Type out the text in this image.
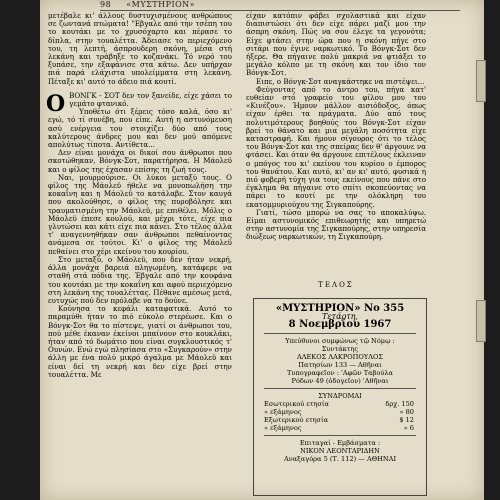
98 «ΜΥΣΤΗΡΙΟΝ»

μετέβαλε κι' άλλους δυστυχισμένους ανθρώπους σε ζωντανά πτώματα! "Εβγαλε από την τσέπη του το κουτάκι με το χρυσόχαρτο και πέρασε το δίπλα, στην τουαλέττα. Άδειασε το περιεχόμενο του, τη λεπτή, άσπρουδερη σκόνη, μέσα στή λεκάνη και τράβηξε το κοζανάκι. Τό νερό του ξυπάσε, την εξαφάνισε στα κάτω. Δεν υπήρχαν πιά παρά ελάχιστα υπολείμματα στη λεκάνη. Πέταξε κι' αυτό το άδειο πιά κουτί.

Ο ΒΟΝΓΚ - ΣΟΤ δεν τον ξανείδε, είχε χάσει το γεμάτο φτανικό.

Υποθέτω ότι ξέρεις τόσο καλά, όσο κι' εγώ, τό τί συνέβη, που είπε. Αυτή η αστυνόμευση ασύ ενέργεια του στοιχίζει δύο από τους καλύτερους άνδρες μου και δεν μού απόμενε απολύτως τίποτα. Αντίθετα...

Δεν είναι μονάχα οι δικοί σου άνθρωποι που σκοτώθηκαν, Βόνγκ-Σοτ, παρατήρησα. Η Μάολεϋ και ο φίλος της έχασαν επίσης τη ζωή τους.

Ναι, μουρμούρισε. Οι λύκοι μεταξύ τους. Ο φίλος της Μάολεϋ ήθελε να μονοπωλήση την κοκαΐνη και η Μάολεϋ το κατάλαβε. Στον καυγά που ακολούθησε, ο φίλος της πυροβόλησε και τραυματισμένη την Μάολεϋ, με επιθέλει. Μόλις ο Μάολεϋ έπεσε κουλού, και μέχρι τότε, είχε πια γλυτώσει και κάτι είχε πια κάνει. Στο τέλος άλλα τ' αναγεννηθήκαν σαν άνθρωποι πεθαίνοντας ανάμεσα σε τούτοι. Κι' ο φίλος της Μάολεϋ πεθαίνει στο χέρι εκείνου του κουρίου.

Στο μεταξύ, ο Μάολεϋ, που δεν ήταν νεκρή, άλλα μονάχα βαρειά πληγωμένη, κατάφερε να σταθή στά πόδια της. Έβγαλε από την κουφάνα του κουτάκι με την κοκαΐνη και αφού περιεχόμενο στη λεκάνη της τουαλέττας. Πέθανε αμέσως μετά, ευτυχώς πού δεν πρόλαβε να το δούνε.

Κούνησα το κεφάλι καταφατικά. Αυτό το παραμύθι ήταν το πιό εύκολο στερέωσε. Και ο Βόνγκ-Σοτ θα το πίστεψε, γιατί οι άνθρωποι του, πού μέθε έκαναν έκείνοι μπαίνουν στο κουκλάκι, ήταν από τό δωμάτιο που είναι συγκλουστικός τ' Ουνών. Ενώ εγώ πλησίασα στο «Συγκαρούν» στην άλλη με ένα πολύ μικρό άγαλμα με Μάολεϋ και είναι δεί τη νεκρή και δεν είχε βρεί στην τουαλέττα. Με

είχαν κατόπιν φάβει σχολαστικά και είχαν διαπιστώσει ότι δεν είχε πάρει μαζί μου την άσπρη σκόνη. Πώς να σου έλεγε τα γεγονότα; Είχε φτάσει στην ώρα που η σκόνη πήγε στο σιτάρι που έγινε ναρκωτικό. Το Βόνγκ-Σοτ δεν ήξερε. Θα πήγαινε πολύ μακριά να φτιάξει το μεγάλο κόλπο με τη σκόνη και τον ίδιο τον Βόνγκ-Σοτ.

Ειπε, ο Βόνγκ-Σοτ αναγκάστηκε να πιστέψει...

Φεύγοντας από το άντρο του, πήγα κατ' ευθείαν στό γραφείο του φίλου μου του «Κινέζου». Ήμουν μάλλον αισιόδοξος, όπως είχαν έρθει τα πράγματα. Δύο από τους πολυτιμότερους βοηθούς του Βόνγκ-Σοτ είχαν βρεί το θάνατο και μια μεγάλη ποσότητα είχε καταστραφή. Και ήμουν σίγουρος ότι το τέλος του Βόνγκ-Σοτ και της σπείρας δεν θ' άργουνε να φτάσει. Και όταν θα άργουνε επιτέλους έκλειναν ο μπόγος του κι' εκείνου του κυρίου ο έμπορος του θανάτου. Και αυτό, κι' αν κι' αυτό, φυσικά η πιό φοβερή τύχη για τους εκείνους που πάνε στο έγκλημα θα πήγαινε στο σπίτι σκοπεύοντας να πάρει το κουτί με την ολόκληρη του εκατομμυριούχου της Σιγκαπούρης.

Γιατί, τώσο μπορώ να σας το αποκαλύψω. Είμαι αστυνομικός επιθεωρητής και υπηρετώ στην αστυνομία της Σιγκαπούρης, στην υπηρεσία διώξεως ναρκωτικών, τη Σιγκαπούρη.

ΤΕΛΟΣ
«ΜΥΣΤΗΡΙΟΝ» Νο 355
Τετάρτη,
8 Νοεμβρίου 1967
Υπεύθυνοι συμφώνως τῷ Νόμῳ :
Συντάκτης
ΑΛΕΚΟΣ ΛΑΚΡΟΠΟΥΛΟΣ
Πατησίων 133 — Αθῆναι
Τυπογραφεῖον : 'Αφῶν Ταβούλα
Ρόδων 49 (ὁδογεῖον) 'Αθῆναι
ΣΥΝΔΡΟΜΑΙ
Εσωτερικού ετησία	δρχ. 150
» εξάμηνος	» 80
Εξωτερικού ετησία	$ 12
» εξάμηνος	» 6
Επιταγαί - Εμβάσματα :
ΝΙΚΟΝ ΛΕΟΝΤΑΡΙΔΗΝ
Αναξαγόρα 5 (Τ. 112) — ΑΘΗΝΑΙ
